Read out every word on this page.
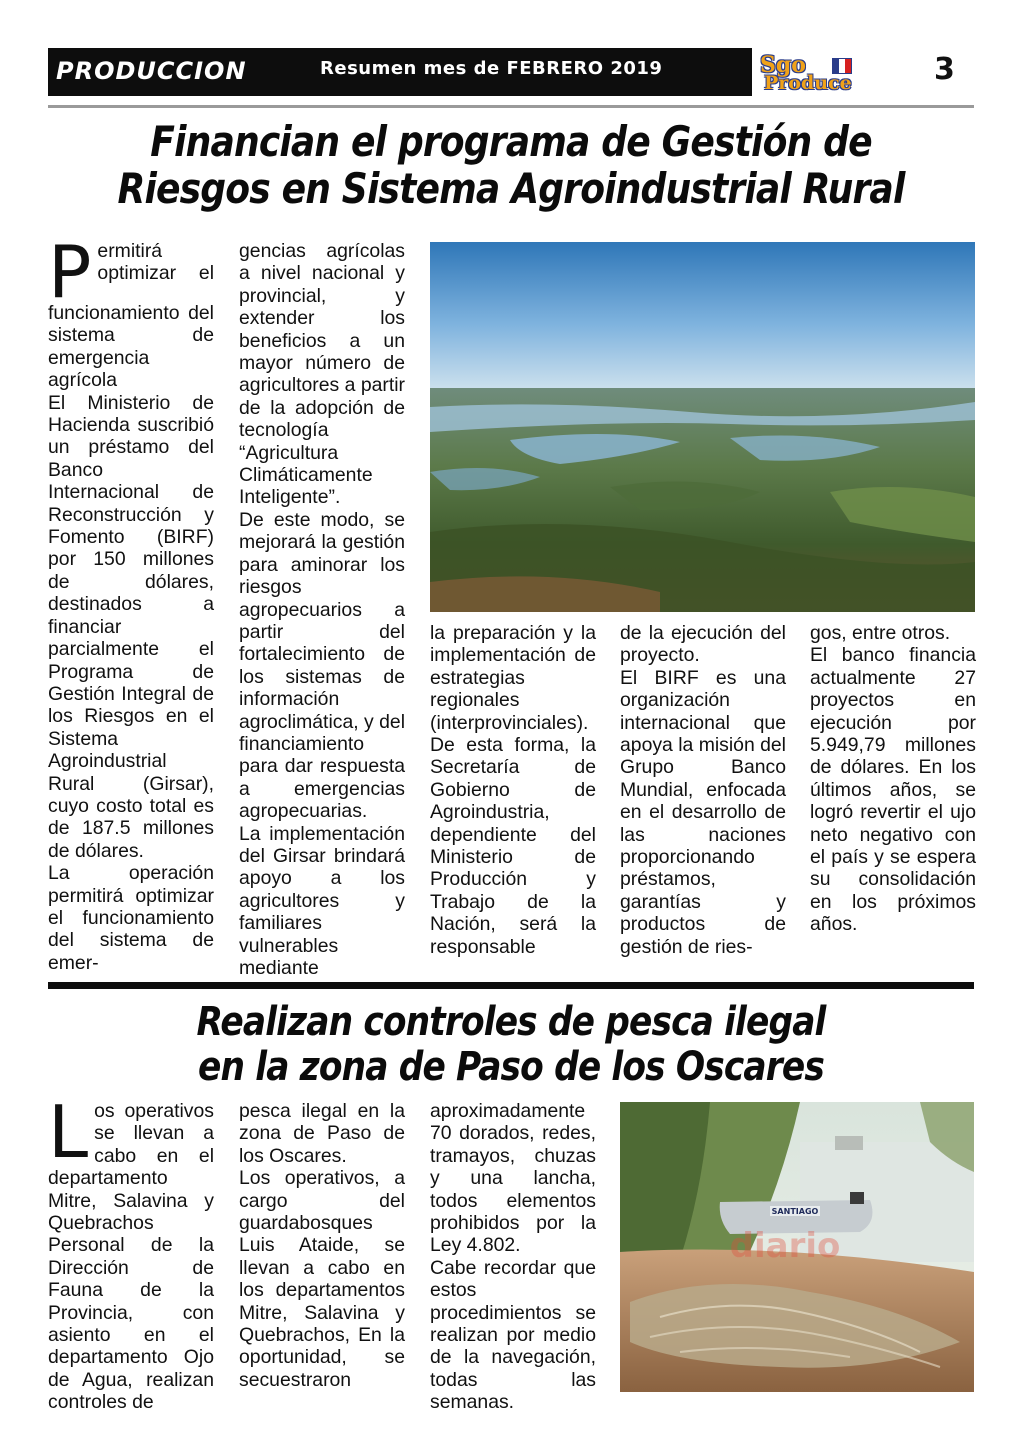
PRODUCCION	Resumen mes de FEBRERO 2019	Sgo
Produce	3
Financian el programa de Gestión de
Riesgos en Sistema Agroindustrial Rural

Permitirá optimizar el funcionamiento del sistema de emergencia agrícola

El Ministerio de Hacienda suscribió un préstamo del Banco Internacional de Reconstrucción y Fomento (BIRF) por 150 millones de dólares, destinados a financiar parcialmente el Programa de Gestión Integral de los Riesgos en el Sistema Agroindustrial Rural (Girsar), cuyo costo total es de 187.5 millones de dólares.

La operación permitirá optimizar el funcionamiento del sistema de emer-

gencias agrícolas a nivel nacional y provincial, y extender los beneficios a un mayor número de agricultores a partir de la adopción de tecnología “Agricultura Climáticamente Inteligente”.

De este modo, se mejorará la gestión para aminorar los riesgos agropecuarios a partir del fortalecimiento de los sistemas de información agroclimática, y del financiamiento para dar respuesta a emergencias agropecuarias.

La implementación del Girsar brindará apoyo a los agricultores y familiares vulnerables mediante

la preparación y la implementación de estrategias regionales (interprovinciales). De esta forma, la Secretaría de Gobierno de Agroindustria, dependiente del Ministerio de Producción y Trabajo de la Nación, será la responsable

de la ejecución del proyecto.

El BIRF es una organización internacional que apoya la misión del Grupo Banco Mundial, enfocada en el desarrollo de las naciones proporcionando préstamos, garantías y productos de gestión de ries-

gos, entre otros.

El banco financia actualmente 27 proyectos en ejecución por 5.949,79 millones de dólares. En los últimos años, se logró revertir el ujo neto negativo con el país y se espera su consolidación en los próximos años.

Realizan controles de pesca ilegal
en la zona de Paso de los Oscares

Los operativos se llevan a cabo en el departamento Mitre, Salavina y Quebrachos

Personal de la Dirección de Fauna de la Provincia, con asiento en el departamento Ojo de Agua, realizan controles de

pesca ilegal en la zona de Paso de los Oscares.

Los operativos, a cargo del guardabosques Luis Ataide, se llevan a cabo en los departamentos Mitre, Salavina y Quebrachos, En la oportunidad, se secuestraron

aproximadamente 70 dorados, redes, tramayos, chuzas y una lancha, todos elementos prohibidos por la Ley 4.802.

Cabe recordar que estos procedimientos se realizan por medio de la navegación, todas las semanas.

SANTIAGO
diario
